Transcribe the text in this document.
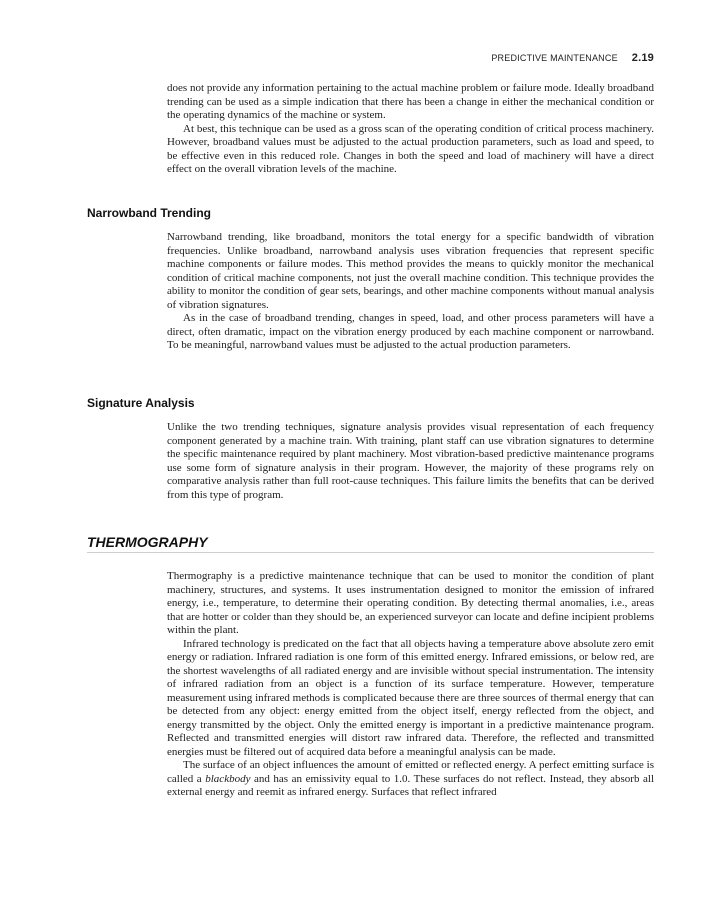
PREDICTIVE MAINTENANCE 2.19

does not provide any information pertaining to the actual machine problem or failure mode. Ideally broadband trending can be used as a simple indication that there has been a change in either the mechanical condition or the operating dynamics of the machine or system.

At best, this technique can be used as a gross scan of the operating condition of critical process machinery. However, broadband values must be adjusted to the actual production parameters, such as load and speed, to be effective even in this reduced role. Changes in both the speed and load of machinery will have a direct effect on the overall vibration levels of the machine.

Narrowband Trending

Narrowband trending, like broadband, monitors the total energy for a specific bandwidth of vibration frequencies. Unlike broadband, narrowband analysis uses vibration frequencies that represent specific machine components or failure modes. This method provides the means to quickly monitor the mechanical condition of critical machine components, not just the overall machine condition. This technique provides the ability to monitor the condition of gear sets, bearings, and other machine components without manual analysis of vibration signatures.

As in the case of broadband trending, changes in speed, load, and other process parameters will have a direct, often dramatic, impact on the vibration energy produced by each machine component or narrowband. To be meaningful, narrowband values must be adjusted to the actual production parameters.

Signature Analysis

Unlike the two trending techniques, signature analysis provides visual representation of each frequency component generated by a machine train. With training, plant staff can use vibration signatures to determine the specific maintenance required by plant machinery. Most vibration-based predictive maintenance programs use some form of signature analysis in their program. However, the majority of these programs rely on comparative analysis rather than full root-cause techniques. This failure limits the benefits that can be derived from this type of program.

THERMOGRAPHY

Thermography is a predictive maintenance technique that can be used to monitor the condition of plant machinery, structures, and systems. It uses instrumentation designed to monitor the emission of infrared energy, i.e., temperature, to determine their operating condition. By detecting thermal anomalies, i.e., areas that are hotter or colder than they should be, an experienced surveyor can locate and define incipient problems within the plant.

Infrared technology is predicated on the fact that all objects having a temperature above absolute zero emit energy or radiation. Infrared radiation is one form of this emitted energy. Infrared emissions, or below red, are the shortest wavelengths of all radiated energy and are invisible without special instrumentation. The intensity of infrared radiation from an object is a function of its surface temperature. However, temperature measurement using infrared methods is complicated because there are three sources of thermal energy that can be detected from any object: energy emitted from the object itself, energy reflected from the object, and energy transmitted by the object. Only the emitted energy is important in a predictive maintenance program. Reflected and transmitted energies will distort raw infrared data. Therefore, the reflected and transmitted energies must be filtered out of acquired data before a meaningful analysis can be made.

The surface of an object influences the amount of emitted or reflected energy. A perfect emitting surface is called a blackbody and has an emissivity equal to 1.0. These surfaces do not reflect. Instead, they absorb all external energy and reemit as infrared energy. Surfaces that reflect infrared
